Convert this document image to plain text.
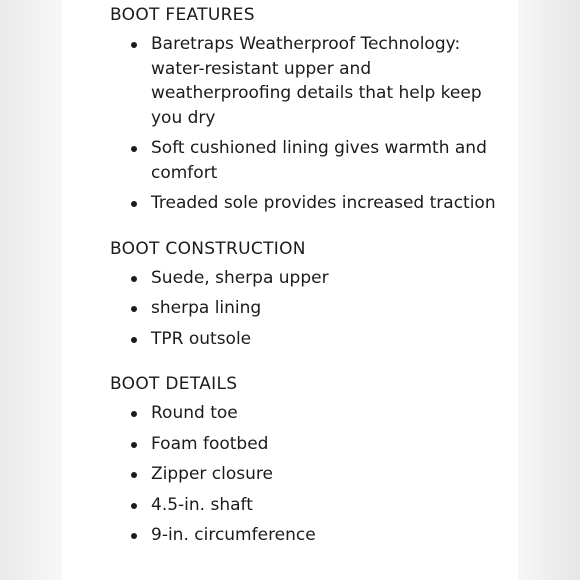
BOOT FEATURES
Baretraps Weatherproof Technology: water-resistant upper and weatherproofing details that help keep you dry
Soft cushioned lining gives warmth and comfort
Treaded sole provides increased traction
BOOT CONSTRUCTION
Suede, sherpa upper
sherpa lining
TPR outsole
BOOT DETAILS
Round toe
Foam footbed
Zipper closure
4.5-in. shaft
9-in. circumference
